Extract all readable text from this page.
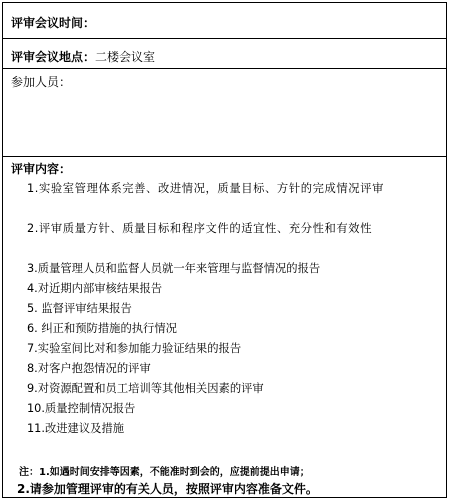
评审会议时间：
评审会议地点：二楼会议室
参加人员：
评审内容：
1.实验室管理体系完善、改进情况，质量目标、方针的完成情况评审
2.评审质量方针、质量目标和程序文件的适宜性、充分性和有效性
3.质量管理人员和监督人员就一年来管理与监督情况的报告
4.对近期内部审核结果报告
5. 监督评审结果报告
6. 纠正和预防措施的执行情况
7.实验室间比对和参加能力验证结果的报告
8.对客户抱怨情况的评审
9.对资源配置和员工培训等其他相关因素的评审
10.质量控制情况报告
11.改进建议及措施
注：1.如遇时间安排等因素，不能准时到会的，应提前提出申请；
2.请参加管理评审的有关人员，按照评审内容准备文件。
